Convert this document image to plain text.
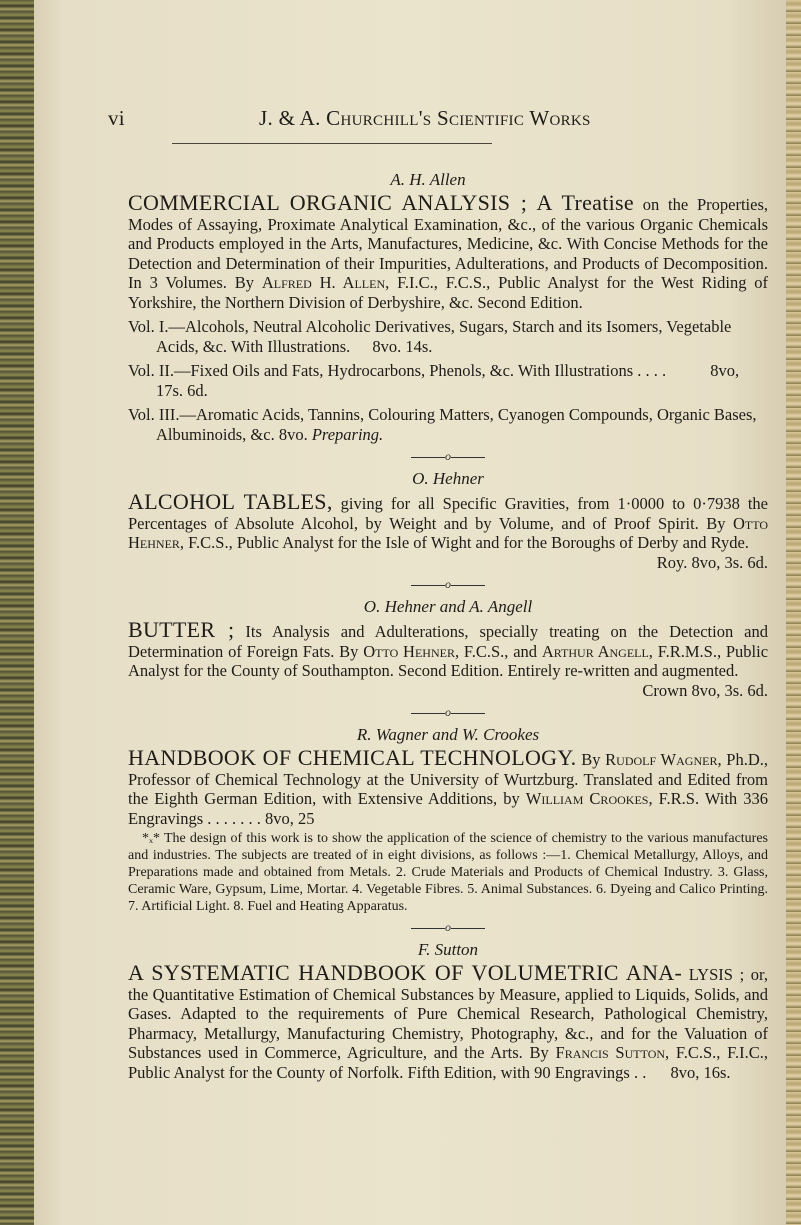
vi	J. & A. Churchill's Scientific Works
A. H. Allen

COMMERCIAL ORGANIC ANALYSIS ; A Treatise on the Properties, Modes of Assaying, Proximate Analytical Examination, &c., of the various Organic Chemicals and Products employed in the Arts, Manufactures, Medicine, &c. With Concise Methods for the Detection and Determination of their Impurities, Adulterations, and Products of Decomposition. In 3 Volumes. By Alfred H. Allen, F.I.C., F.C.S., Public Analyst for the West Riding of Yorkshire, the Northern Division of Derbyshire, &c. Second Edition.

Vol. I.—Alcohols, Neutral Alcoholic Derivatives, Sugars, Starch and its Isomers, Vegetable Acids, &c. With Illustrations. 8vo. 14s.

Vol. II.—Fixed Oils and Fats, Hydrocarbons, Phenols, &c. With Illustrations . . . .	8vo, 17s. 6d.

Vol. III.—Aromatic Acids, Tannins, Colouring Matters, Cyanogen Compounds, Organic Bases, Albuminoids, &c. 8vo. Preparing.

o
O. Hehner

ALCOHOL TABLES, giving for all Specific Gravities, from 1·0000 to 0·7938 the Percentages of Absolute Alcohol, by Weight and by Volume, and of Proof Spirit. By Otto Hehner, F.C.S., Public Analyst for the Isle of Wight and for the Boroughs of Derby and Ryde.
Roy. 8vo, 3s. 6d.

o
O. Hehner and A. Angell

BUTTER ; Its Analysis and Adulterations, specially treating on the Detection and Determination of Foreign Fats. By Otto Hehner, F.C.S., and Arthur Angell, F.R.M.S., Public Analyst for the County of Southampton. Second Edition. Entirely re-written and augmented.
Crown 8vo, 3s. 6d.

o
R. Wagner and W. Crookes

HANDBOOK OF CHEMICAL TECHNOLOGY. By Rudolf Wagner, Ph.D., Professor of Chemical Technology at the University of Wurtzburg. Translated and Edited from the Eighth German Edition, with Extensive Additions, by William Crookes, F.R.S. With 336 Engravings . . . . . . . 8vo, 25

*ₓ* The design of this work is to show the application of the science of chemistry to the various manufactures and industries. The subjects are treated of in eight divisions, as follows :—1. Chemical Metallurgy, Alloys, and Preparations made and obtained from Metals. 2. Crude Materials and Products of Chemical Industry. 3. Glass, Ceramic Ware, Gypsum, Lime, Mortar. 4. Vegetable Fibres. 5. Animal Substances. 6. Dyeing and Calico Printing. 7. Artificial Light. 8. Fuel and Heating Apparatus.

o
F. Sutton

A SYSTEMATIC HANDBOOK OF VOLUMETRIC ANA- LYSIS ; or, the Quantitative Estimation of Chemical Substances by Measure, applied to Liquids, Solids, and Gases. Adapted to the requirements of Pure Chemical Research, Pathological Chemistry, Pharmacy, Metallurgy, Manufacturing Chemistry, Photography, &c., and for the Valuation of Substances used in Commerce, Agriculture, and the Arts. By Francis Sutton, F.C.S., F.I.C., Public Analyst for the County of Norfolk. Fifth Edition, with 90 Engravings . . 8vo, 16s.
